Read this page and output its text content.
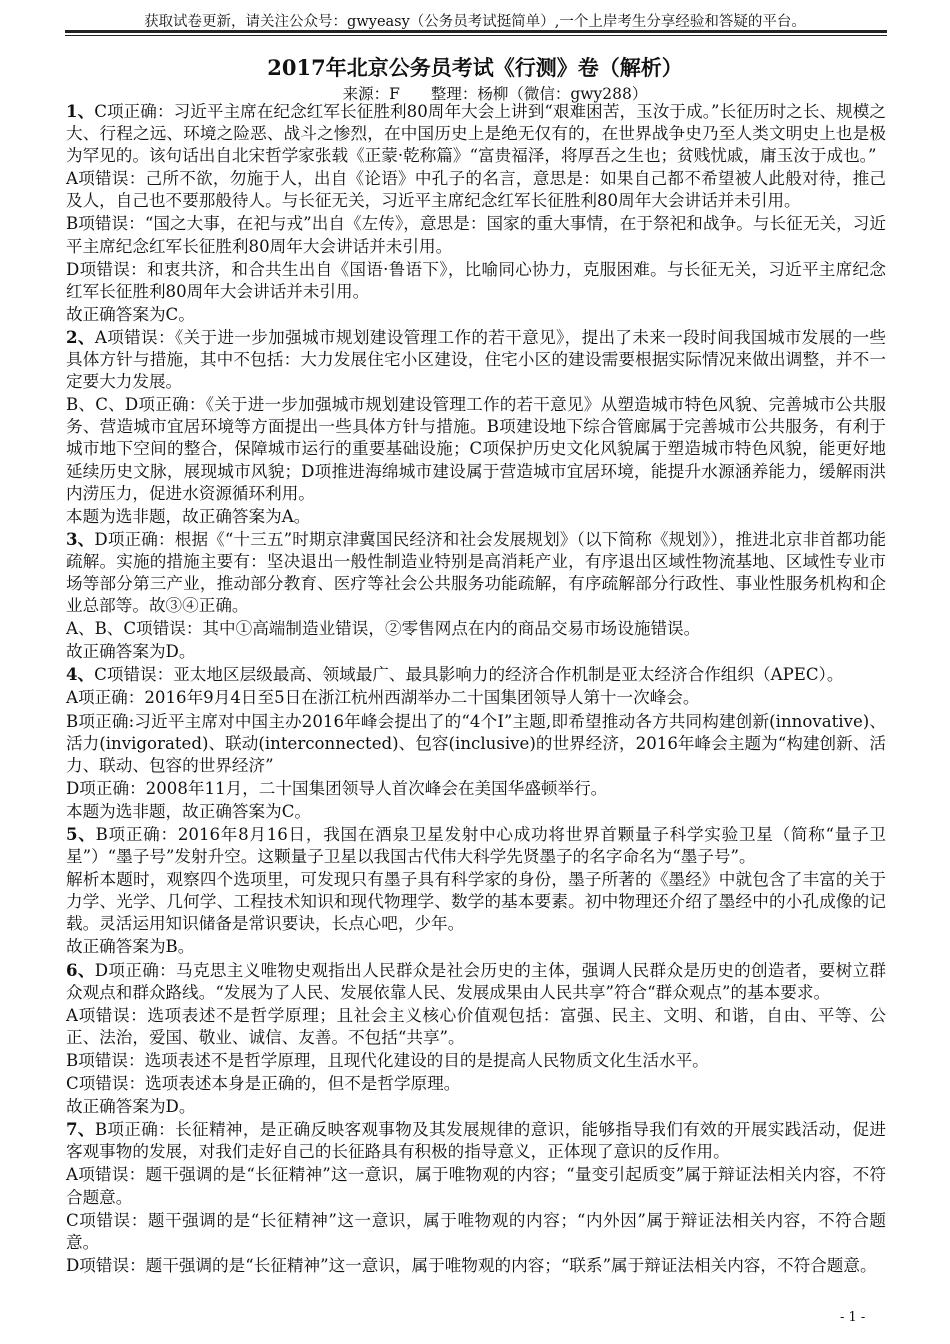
获取试卷更新，请关注公众号：gwyeasy（公务员考试挺简单）,一个上岸考生分享经验和答疑的平台。
2017年北京公务员考试《行测》卷（解析）
来源：F　　整理：杨柳（微信：gwy288）

1、C项正确：习近平主席在纪念红军长征胜利80周年大会上讲到“艰难困苦，玉汝于成。”长征历时之长、规模之大、行程之远、环境之险恶、战斗之惨烈，在中国历史上是绝无仅有的，在世界战争史乃至人类文明史上也是极为罕见的。该句话出自北宋哲学家张载《正蒙·乾称篇》“富贵福泽，将厚吾之生也；贫贱忧戚，庸玉汝于成也。”

A项错误：己所不欲，勿施于人，出自《论语》中孔子的名言，意思是：如果自己都不希望被人此般对待，推己及人，自己也不要那般待人。与长征无关，习近平主席纪念红军长征胜利80周年大会讲话并未引用。

B项错误：“国之大事，在祀与戎”出自《左传》，意思是：国家的重大事情，在于祭祀和战争。与长征无关，习近平主席纪念红军长征胜利80周年大会讲话并未引用。

D项错误：和衷共济，和合共生出自《国语·鲁语下》，比喻同心协力，克服困难。与长征无关，习近平主席纪念红军长征胜利80周年大会讲话并未引用。

故正确答案为C。

2、A项错误：《关于进一步加强城市规划建设管理工作的若干意见》，提出了未来一段时间我国城市发展的一些具体方针与措施，其中不包括：大力发展住宅小区建设，住宅小区的建设需要根据实际情况来做出调整，并不一定要大力发展。

B、C、D项正确：《关于进一步加强城市规划建设管理工作的若干意见》从塑造城市特色风貌、完善城市公共服务、营造城市宜居环境等方面提出一些具体方针与措施。B项建设地下综合管廊属于完善城市公共服务，有利于城市地下空间的整合，保障城市运行的重要基础设施；C项保护历史文化风貌属于塑造城市特色风貌，能更好地延续历史文脉，展现城市风貌；D项推进海绵城市建设属于营造城市宜居环境，能提升水源涵养能力，缓解雨洪内涝压力，促进水资源循环利用。

本题为选非题，故正确答案为A。

3、D项正确：根据《“十三五”时期京津冀国民经济和社会发展规划》（以下简称《规划》），推进北京非首都功能疏解。实施的措施主要有：坚决退出一般性制造业特别是高消耗产业，有序退出区域性物流基地、区域性专业市场等部分第三产业，推动部分教育、医疗等社会公共服务功能疏解，有序疏解部分行政性、事业性服务机构和企业总部等。故③④正确。

A、B、C项错误：其中①高端制造业错误，②零售网点在内的商品交易市场设施错误。

故正确答案为D。

4、C项错误：亚太地区层级最高、领域最广、最具影响力的经济合作机制是亚太经济合作组织（APEC）。

A项正确：2016年9月4日至5日在浙江杭州西湖举办二十国集团领导人第十一次峰会。

B项正确:习近平主席对中国主办2016年峰会提出了的“4个I”主题,即希望推动各方共同构建创新(innovative)、活力(invigorated)、联动(interconnected)、包容(inclusive)的世界经济，2016年峰会主题为“构建创新、活力、联动、包容的世界经济”

D项正确：2008年11月，二十国集团领导人首次峰会在美国华盛顿举行。

本题为选非题，故正确答案为C。

5、B项正确：2016年8月16日，我国在酒泉卫星发射中心成功将世界首颗量子科学实验卫星（简称“量子卫星”）“墨子号”发射升空。这颗量子卫星以我国古代伟大科学先贤墨子的名字命名为“墨子号”。

解析本题时，观察四个选项里，可发现只有墨子具有科学家的身份，墨子所著的《墨经》中就包含了丰富的关于力学、光学、几何学、工程技术知识和现代物理学、数学的基本要素。初中物理还介绍了墨经中的小孔成像的记载。灵活运用知识储备是常识要诀，长点心吧，少年。

故正确答案为B。

6、D项正确：马克思主义唯物史观指出人民群众是社会历史的主体，强调人民群众是历史的创造者，要树立群众观点和群众路线。“发展为了人民、发展依靠人民、发展成果由人民共享”符合“群众观点”的基本要求。

A项错误：选项表述不是哲学原理；且社会主义核心价值观包括：富强、民主、文明、和谐，自由、平等、公正、法治，爱国、敬业、诚信、友善。不包括“共享”。

B项错误：选项表述不是哲学原理，且现代化建设的目的是提高人民物质文化生活水平。

C项错误：选项表述本身是正确的，但不是哲学原理。

故正确答案为D。

7、B项正确：长征精神，是正确反映客观事物及其发展规律的意识，能够指导我们有效的开展实践活动，促进客观事物的发展，对我们走好自己的长征路具有积极的指导意义，正体现了意识的反作用。

A项错误：题干强调的是“长征精神”这一意识，属于唯物观的内容；“量变引起质变”属于辩证法相关内容，不符合题意。

C项错误：题干强调的是“长征精神”这一意识，属于唯物观的内容；“内外因”属于辩证法相关内容，不符合题意。

D项错误：题干强调的是“长征精神”这一意识，属于唯物观的内容；“联系”属于辩证法相关内容，不符合题意。

- 1 -
